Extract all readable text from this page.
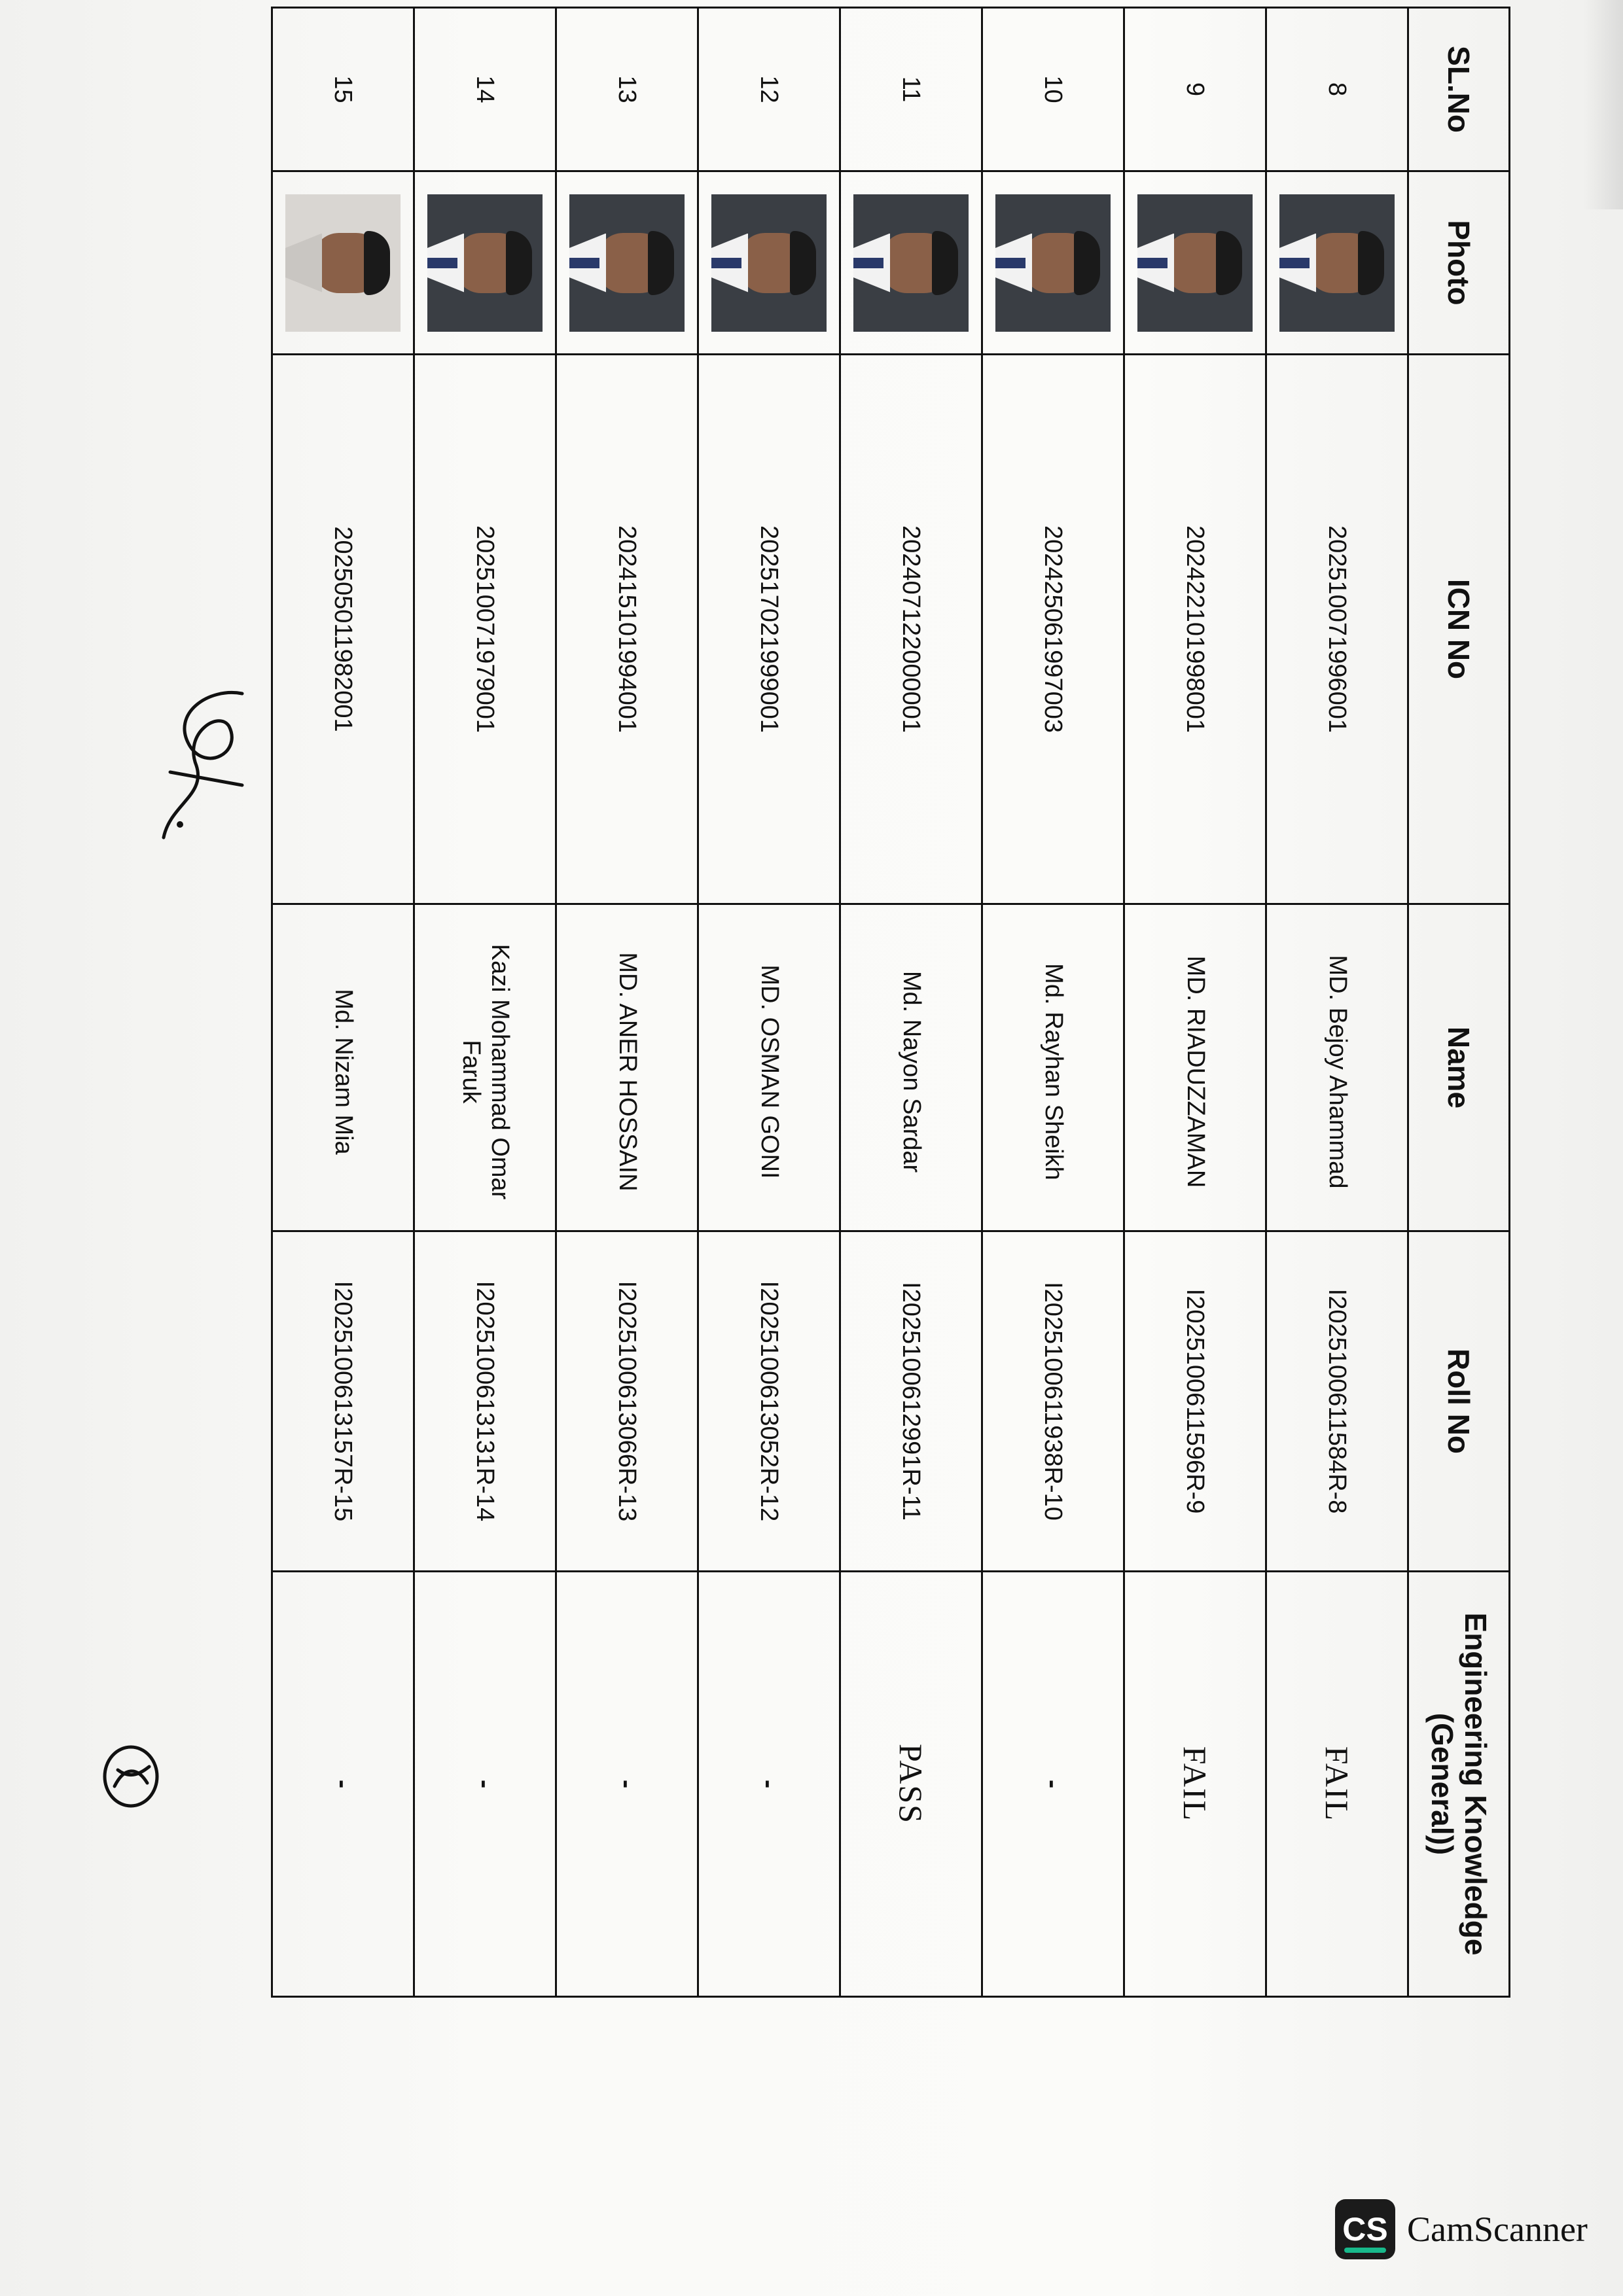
SL.No	Photo	ICN No	Name	Roll No	Engineering Knowledge (General))
8		20251007199600​1	MD. Bejoy Ahammad	I20251006​11584R-8	FAIL
9		20242210199800​1	MD. RIADUZZAMAN	I20251006​11596R-9	FAIL
10		20242506199700​3	Md. Rayhan Sheikh	I20251006​11938R-10	-
11		20240712200000​1	Md. Nayon Sardar	I20251006​12991R-11	PASS
12		20251702199900​1	MD. OSMAN GONI	I20251006​13052R-12	-
13		20241510199400​1	MD. ANER HOSSAIN	I20251006​13066R-13	-
14		20251007197900​1	Kazi Mohammad Omar
Faruk	I20251006​13131R-14	-
15		20250501198200​1	Md. Nizam Mia	I20251006​13157R-15	-
CS CamScanner
